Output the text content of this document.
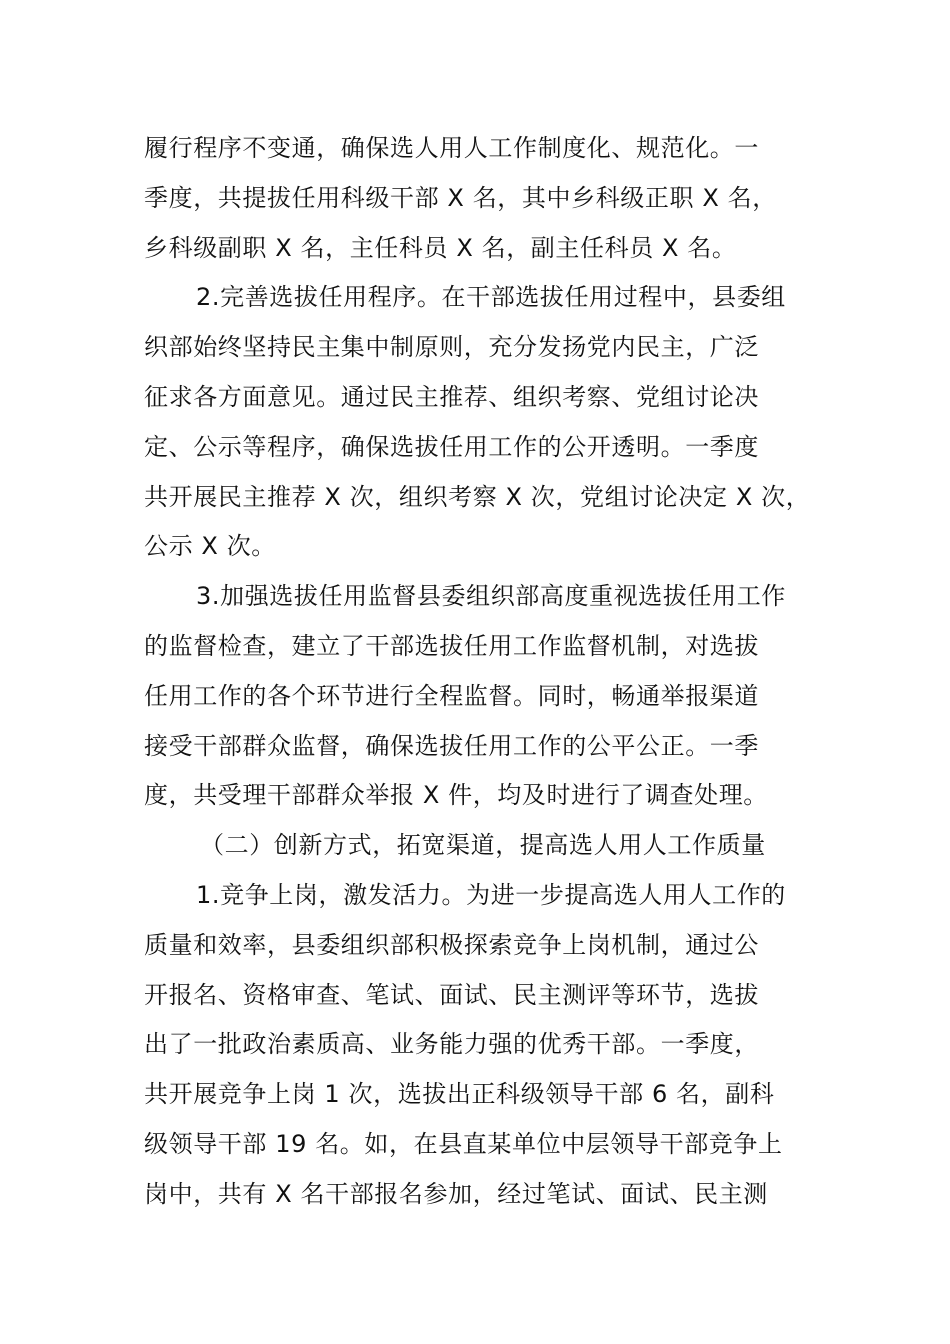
履行程序不变通，确保选人用人工作制度化、规范化。一
季度，共提拔任用科级干部 X 名，其中乡科级正职 X 名，
乡科级副职 X 名，主任科员 X 名，副主任科员 X 名。
2.完善选拔任用程序。在干部选拔任用过程中，县委组
织部始终坚持民主集中制原则，充分发扬党内民主，广泛
征求各方面意见。通过民主推荐、组织考察、党组讨论决
定、公示等程序，确保选拔任用工作的公开透明。一季度
共开展民主推荐 X 次，组织考察 X 次，党组讨论决定 X 次，
公示 X 次。
3.加强选拔任用监督县委组织部高度重视选拔任用工作
的监督检查，建立了干部选拔任用工作监督机制，对选拔
任用工作的各个环节进行全程监督。同时，畅通举报渠道
接受干部群众监督，确保选拔任用工作的公平公正。一季
度，共受理干部群众举报 X 件，均及时进行了调查处理。
（二）创新方式，拓宽渠道，提高选人用人工作质量
1.竞争上岗，激发活力。为进一步提高选人用人工作的
质量和效率，县委组织部积极探索竞争上岗机制，通过公
开报名、资格审查、笔试、面试、民主测评等环节，选拔
出了一批政治素质高、业务能力强的优秀干部。一季度，
共开展竞争上岗 1 次，选拔出正科级领导干部 6 名，副科
级领导干部 19 名。如，在县直某单位中层领导干部竞争上
岗中，共有 X 名干部报名参加，经过笔试、面试、民主测
